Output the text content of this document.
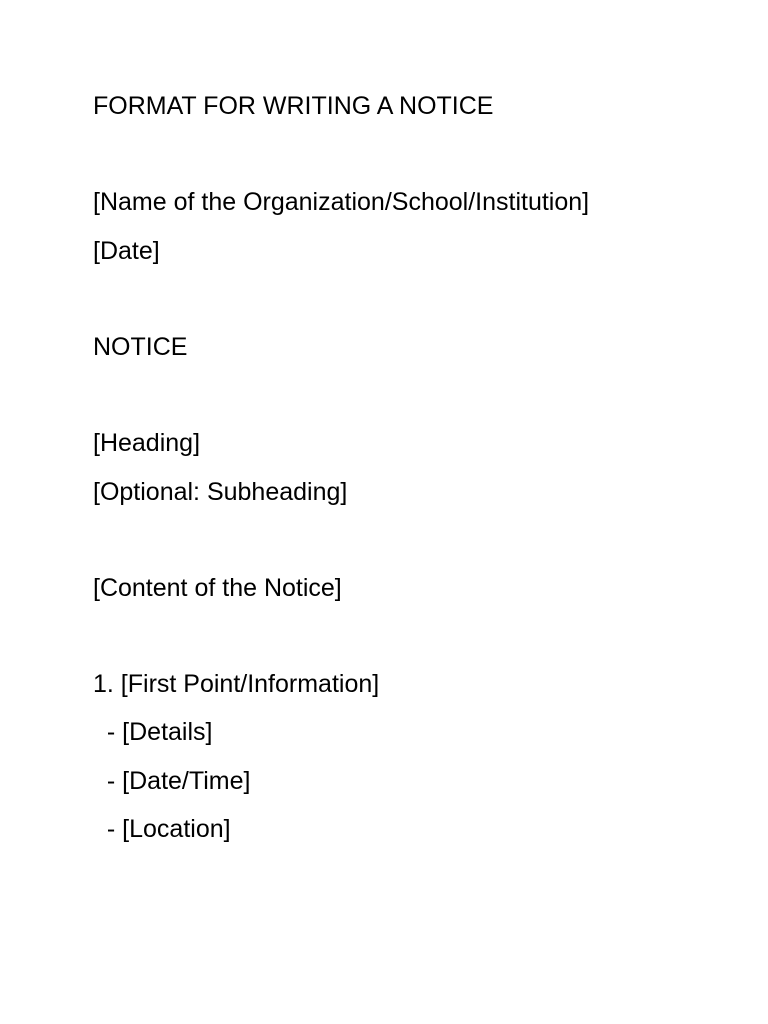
FORMAT FOR WRITING A NOTICE
[Name of the Organization/School/Institution]
[Date]
NOTICE
[Heading]
[Optional: Subheading]
[Content of the Notice]
1. [First Point/Information]
- [Details]
- [Date/Time]
- [Location]
